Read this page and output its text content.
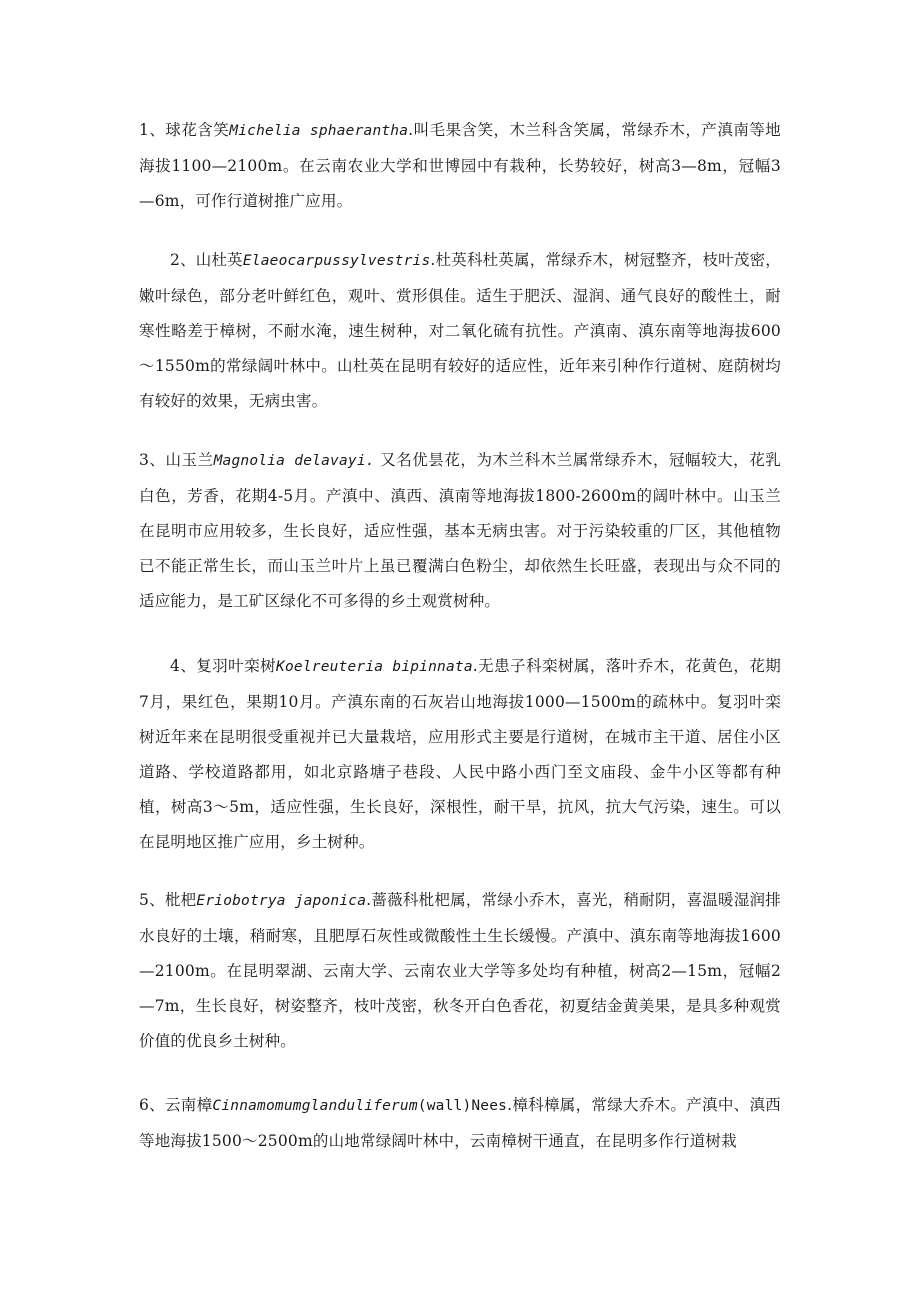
1、球花含笑Michelia sphaerantha.叫毛果含笑，木兰科含笑属，常绿乔木，产滇南等地海拔1100—2100m。在云南农业大学和世博园中有栽种，长势较好，树高3—8m，冠幅3—6m，可作行道树推广应用。

2、山杜英Elaeocarpussylvestris.杜英科杜英属，常绿乔木，树冠整齐，枝叶茂密，嫩叶绿色，部分老叶鲜红色，观叶、赏形俱佳。适生于肥沃、湿润、通气良好的酸性土，耐寒性略差于樟树，不耐水淹，速生树种，对二氧化硫有抗性。产滇南、滇东南等地海拔600～1550m的常绿阔叶林中。山杜英在昆明有较好的适应性，近年来引种作行道树、庭荫树均有较好的效果，无病虫害。

3、山玉兰Magnolia delavayi. 又名优昙花，为木兰科木兰属常绿乔木，冠幅较大，花乳白色，芳香，花期4-5月。产滇中、滇西、滇南等地海拔1800-2600m的阔叶林中。山玉兰在昆明市应用较多，生长良好，适应性强，基本无病虫害。对于污染较重的厂区，其他植物已不能正常生长，而山玉兰叶片上虽已覆满白色粉尘，却依然生长旺盛，表现出与众不同的适应能力，是工矿区绿化不可多得的乡土观赏树种。

4、复羽叶栾树Koelreuteria bipinnata.无患子科栾树属，落叶乔木，花黄色，花期7月，果红色，果期10月。产滇东南的石灰岩山地海拔1000—1500m的疏林中。复羽叶栾树近年来在昆明很受重视并已大量栽培，应用形式主要是行道树，在城市主干道、居住小区道路、学校道路都用，如北京路塘子巷段、人民中路小西门至文庙段、金牛小区等都有种植，树高3～5m，适应性强，生长良好，深根性，耐干旱，抗风，抗大气污染，速生。可以在昆明地区推广应用，乡土树种。

5、枇杷Eriobotrya japonica.蔷薇科枇杷属，常绿小乔木，喜光，稍耐阴，喜温暖湿润排水良好的土壤，稍耐寒，且肥厚石灰性或微酸性土生长缓慢。产滇中、滇东南等地海拔1600—2100m。在昆明翠湖、云南大学、云南农业大学等多处均有种植，树高2—15m，冠幅2—7m，生长良好，树姿整齐，枝叶茂密，秋冬开白色香花，初夏结金黄美果，是具多种观赏价值的优良乡土树种。

6、云南樟Cinnamomumglanduliferum(wall)Nees.樟科樟属，常绿大乔木。产滇中、滇西等地海拔1500～2500m的山地常绿阔叶林中，云南樟树干通直，在昆明多作行道树栽
